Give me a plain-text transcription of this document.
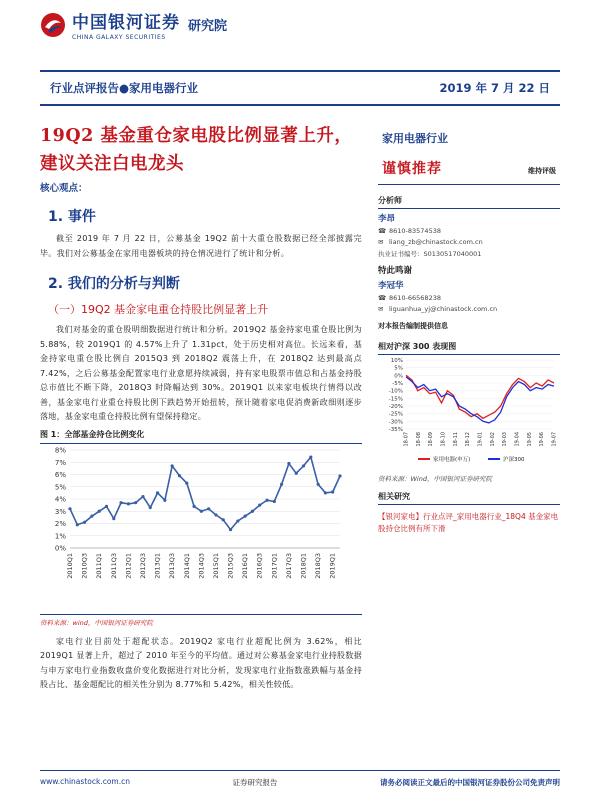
中国银河证券
CHINA GALAXY SECURITIES
研究院
行业点评报告●家用电器行业	2019 年 7 月 22 日
19Q2 基金重仓家电股比例显著上升，建议关注白电龙头
核心观点：
1. 事件
截至 2019 年 7 月 22 日，公募基金 19Q2 前十大重仓股数据已经全部披露完毕。我们对公募基金在家用电器板块的持仓情况进行了统计和分析。
2. 我们的分析与判断
（一）19Q2 基金家电重仓持股比例显著上升
我们对基金的重仓股明细数据进行统计和分析。2019Q2 基金持家电重仓股比例为 5.88%，较 2019Q1 的 4.57%上升了 1.31pct，处于历史相对高位。长远来看，基金持家电重仓股比例自 2015Q3 到 2018Q2 震荡上升，在 2018Q2 达到最高点 7.42%，之后公募基金配置家电行业意愿持续减弱，持有家电股票市值总和占基金持股总市值比不断下降，2018Q3 时降幅达到 30%。2019Q1 以来家电板块行情得以改善，基金家电行业重仓持股比例下跌趋势开始扭转，预计随着家电促消费新政细则逐步落地，基金家电重仓持股比例有望保持稳定。
图 1：全部基金持仓比例变化
0%
1%
2%
3%
4%
5%
6%
7%
8%
2010Q1 2010Q3 2011Q1 2011Q3 2012Q1 2012Q3 2013Q1 2013Q3 2014Q1 2014Q3 2015Q1 2015Q3 2016Q1 2016Q3 2017Q1 2017Q3 2018Q1 2018Q3 2019Q1
资料来源：wind，中国银河证券研究院
家电行业目前处于超配状态。2019Q2 家电行业超配比例为 3.62%，相比 2019Q1 显著上升，超过了 2010 年至今的平均值。通过对公募基金家电行业持股数据与申万家电行业指数收盘价变化数据进行对比分析，发现家电行业指数涨跌幅与基金持股占比、基金超配比的相关性分别为 8.77%和 5.42%，相关性较低。
家用电器行业
谨慎推荐	维持评级
分析师
李昂
☎ 8610-83574538
✉ liang_zb@chinastock.com.cn
执业证书编号：S0130517040001
特此鸣谢
李冠华
☎ 8610-66568238
✉ liguanhua_yj@chinastock.com.cn
对本报告编制提供信息
相对沪深 300 表现图
10%
5%
0%
-5%
-10%
-15%
-20%
-25%
-30%
-35%
18-07 18-08 18-09 18-10 18-11 18-12 19-01 19-02 19-03 19-04 19-05 19-06 19-07
家用电器(申万)	沪深300
资料来源：Wind，中国银河证券研究院
相关研究
【银河家电】行业点评_家用电器行业_18Q4 基金家电股持仓比例有所下滑
www.chinastock.com.cn	证券研究报告	请务必阅读正文最后的中国银河证券股份公司免责声明
